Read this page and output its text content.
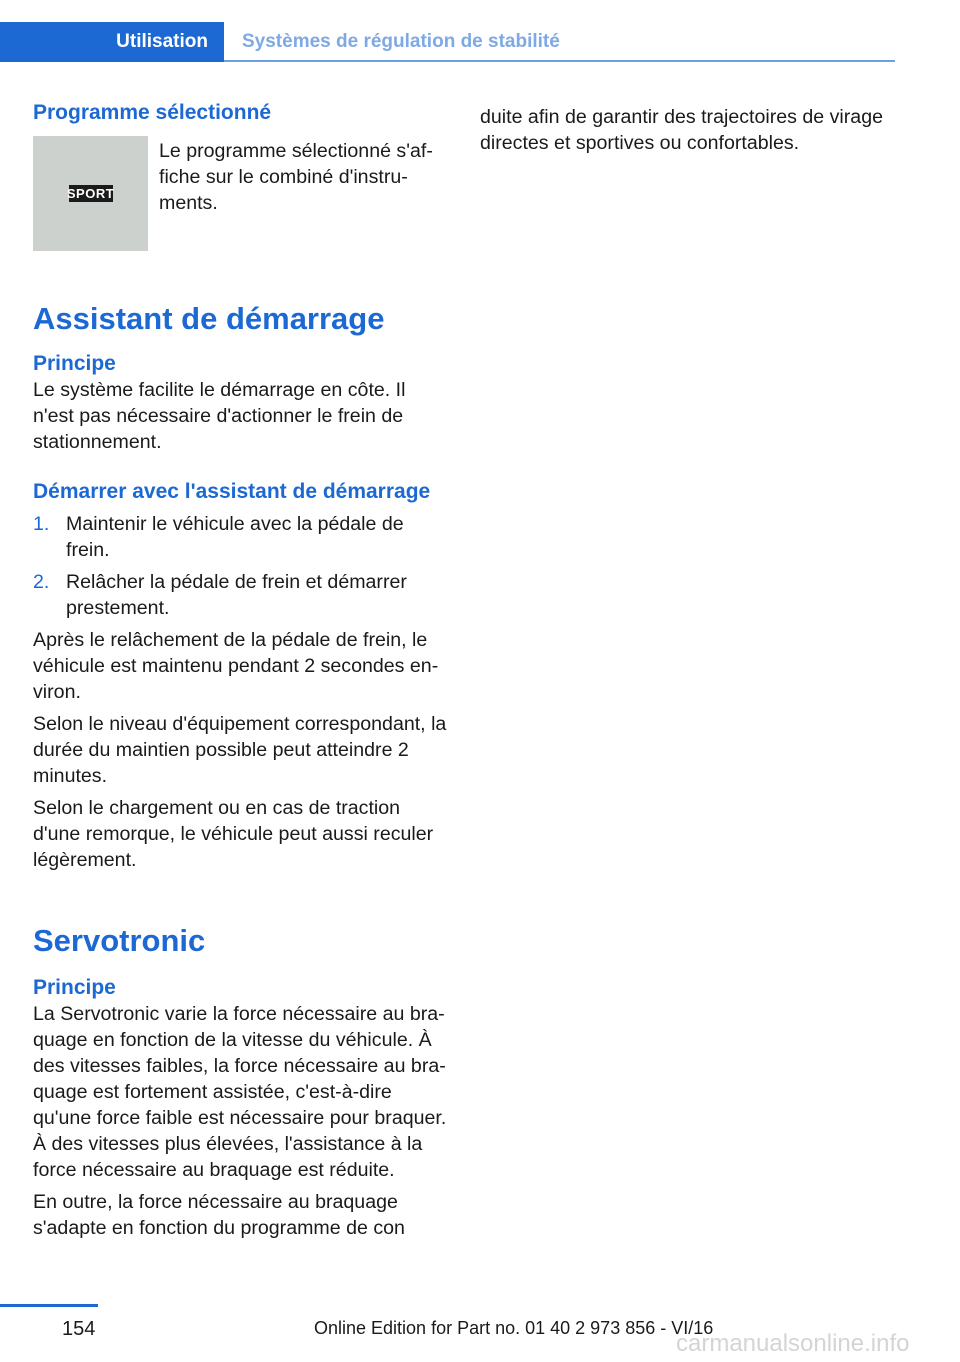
Utilisation	Systèmes de régulation de stabilité
Programme sélectionné
SPORT
Le programme sélectionné s'affiche sur le combiné d'instruments.
Assistant de démarrage
Principe

Le système facilite le démarrage en côte. Il n'est pas nécessaire d'actionner le frein de stationnement.

Démarrer avec l'assistant de démarrage
1. Maintenir le véhicule avec la pédale de frein.
2. Relâcher la pédale de frein et démarrer prestement.

Après le relâchement de la pédale de frein, le véhicule est maintenu pendant 2 secondes environ.

Selon le niveau d'équipement correspondant, la durée du maintien possible peut atteindre 2 minutes.

Selon le chargement ou en cas de traction d'une remorque, le véhicule peut aussi reculer légèrement.

Servotronic
Principe

La Servotronic varie la force nécessaire au braquage en fonction de la vitesse du véhicule. À des vitesses faibles, la force nécessaire au braquage est fortement assistée, c'est-à-dire qu'une force faible est nécessaire pour braquer. À des vitesses plus élevées, l'assistance à la force nécessaire au braquage est réduite.

En outre, la force nécessaire au braquage s'adapte en fonction du programme de con

duite afin de garantir des trajectoires de virage directes et sportives ou confortables.

154	Online Edition for Part no. 01 40 2 973 856 - VI/16
carmanualsonline.info
